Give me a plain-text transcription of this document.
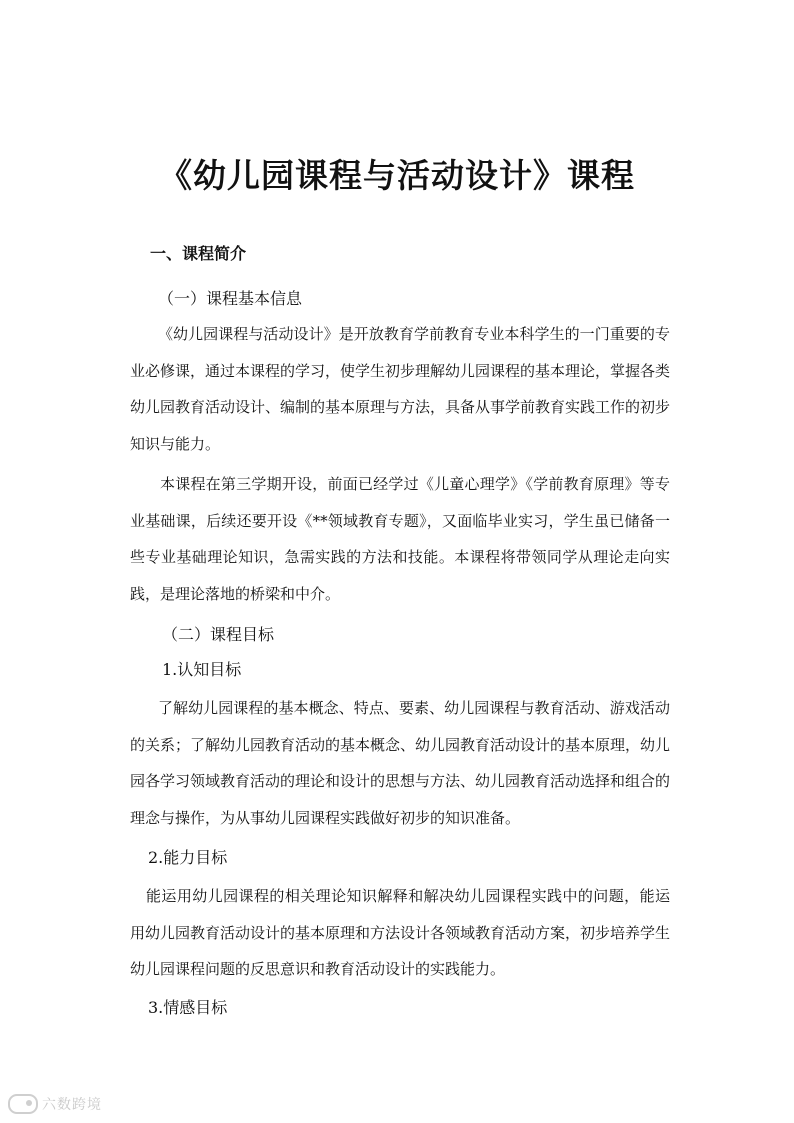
《幼儿园课程与活动设计》课程
一、课程简介
（一）课程基本信息
《幼儿园课程与活动设计》是开放教育学前教育专业本科学生的一门重要的专业必修课，通过本课程的学习，使学生初步理解幼儿园课程的基本理论，掌握各类幼儿园教育活动设计、编制的基本原理与方法，具备从事学前教育实践工作的初步知识与能力。
本课程在第三学期开设，前面已经学过《儿童心理学》《学前教育原理》等专业基础课，后续还要开设《**领域教育专题》，又面临毕业实习，学生虽已储备一些专业基础理论知识，急需实践的方法和技能。本课程将带领同学从理论走向实践，是理论落地的桥梁和中介。
（二）课程目标
1.认知目标
了解幼儿园课程的基本概念、特点、要素、幼儿园课程与教育活动、游戏活动的关系；了解幼儿园教育活动的基本概念、幼儿园教育活动设计的基本原理，幼儿园各学习领域教育活动的理论和设计的思想与方法、幼儿园教育活动选择和组合的理念与操作，为从事幼儿园课程实践做好初步的知识准备。
2.能力目标
能运用幼儿园课程的相关理论知识解释和解决幼儿园课程实践中的问题，能运用幼儿园教育活动设计的基本原理和方法设计各领域教育活动方案，初步培养学生幼儿园课程问题的反思意识和教育活动设计的实践能力。
3.情感目标
六数跨境
